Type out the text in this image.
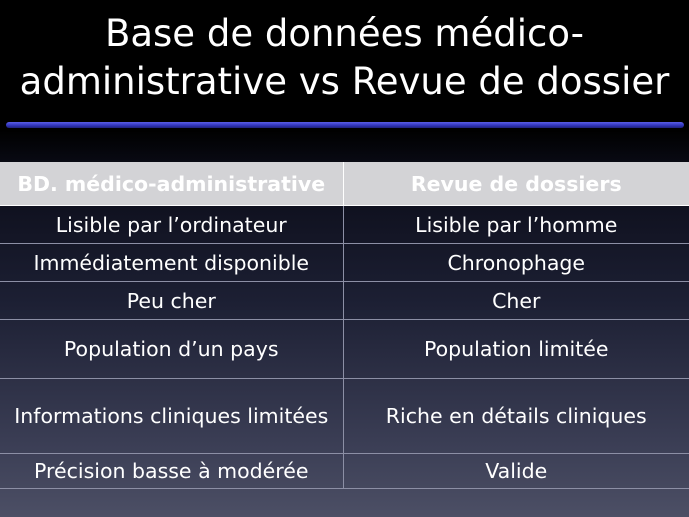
Base de données médico-
administrative vs Revue de dossier
BD. médico-administrative	Revue de dossiers
Lisible par l’ordinateur	Lisible par l’homme
Immédiatement disponible	Chronophage
Peu cher	Cher
Population d’un pays	Population limitée
Informations cliniques limitées	Riche en détails cliniques
Précision basse à modérée	Valide
